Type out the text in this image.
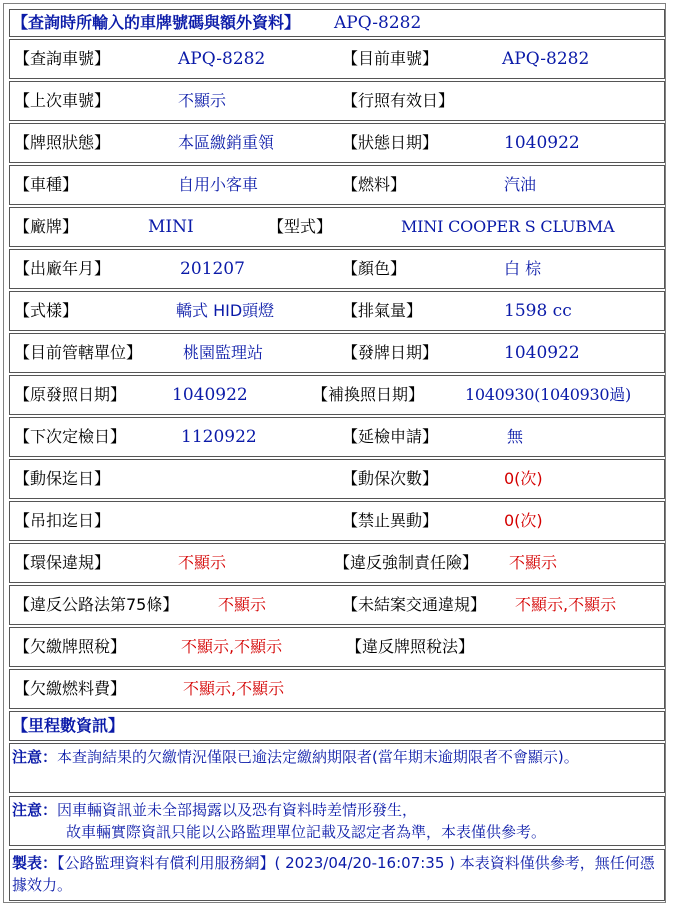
【查詢時所輸入的車牌號碼與額外資料】 APQ-8282
【查詢車號】	APQ-8282	【目前車號】	APQ-8282
【上次車號】	不顯示	【行照有效日】
【牌照狀態】	本區繳銷重領	【狀態日期】	1040922
【車種】	自用小客車	【燃料】	汽油
【廠牌】	MINI	【型式】	MINI COOPER S CLUBMA
【出廠年月】	201207	【顏色】	白 棕
【式樣】	轎式 HID頭燈	【排氣量】	1598 cc
【目前管轄單位】	桃園監理站	【發牌日期】	1040922
【原發照日期】	1040922	【補換照日期】	1040930(1040930過)
【下次定檢日】	1120922	【延檢申請】	無
【動保迄日】	【動保次數】	0(次)
【吊扣迄日】	【禁止異動】	0(次)
【環保違規】	不顯示	【違反強制責任險】 不顯示
【違反公路法第75條】 不顯示	【未結案交通違規】 不顯示,不顯示
【欠繳牌照稅】	不顯示,不顯示	【違反牌照稅法】
【欠繳燃料費】	不顯示,不顯示
【里程數資訊】
注意：本查詢結果的欠繳情況僅限已逾法定繳納期限者(當年期末逾期限者不會顯示)。
注意：因車輛資訊並未全部揭露以及恐有資料時差情形發生，
故車輛實際資訊只能以公路監理單位記載及認定者為準，本表僅供參考。
製表：【公路監理資料有償利用服務網】( 2023/04/20-16:07:35 ) 本表資料僅供參考，無任何憑據效力。
